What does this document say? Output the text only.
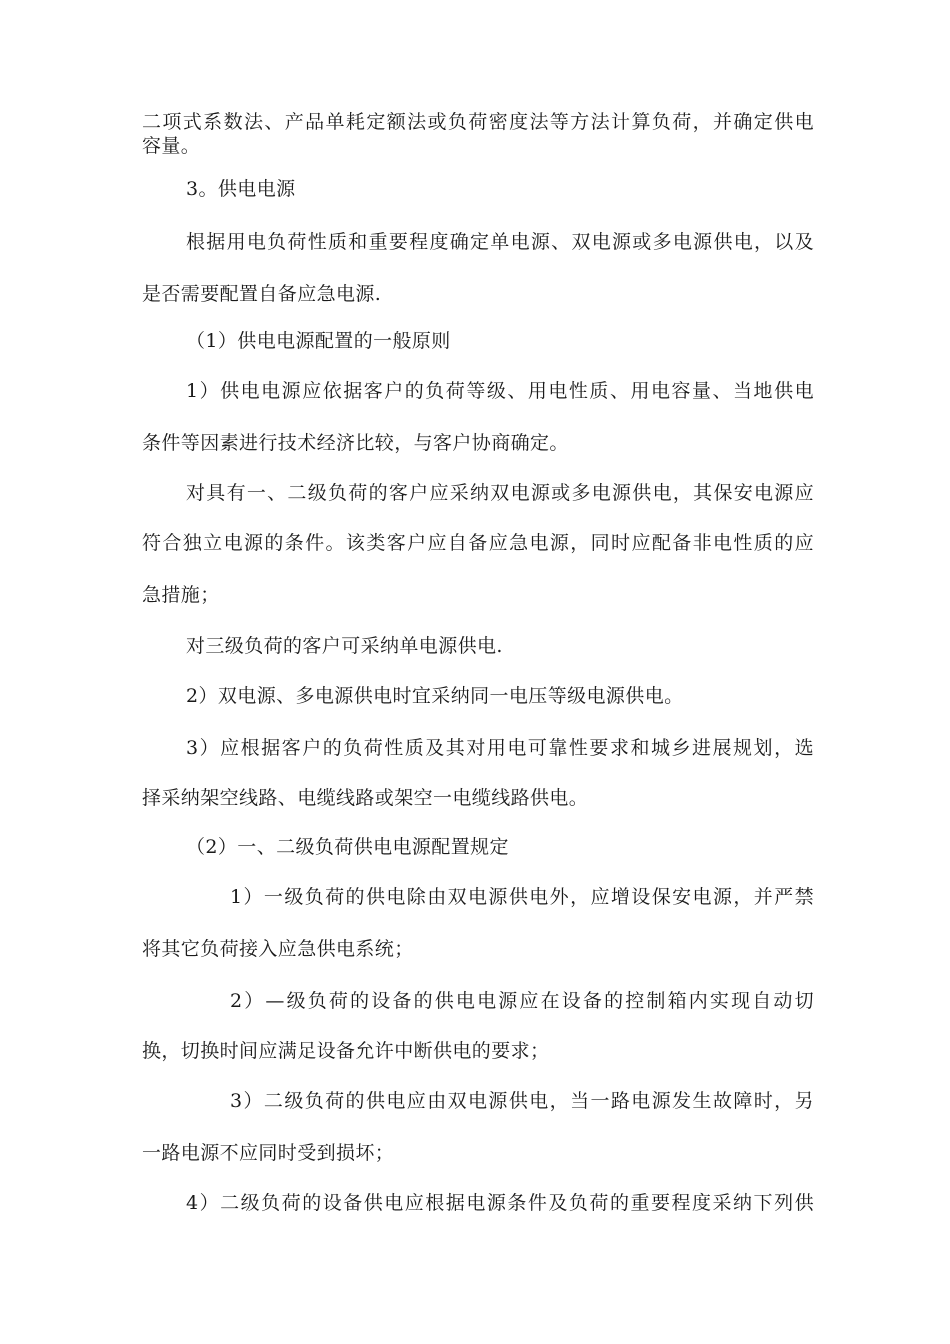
二项式系数法、产品单耗定额法或负荷密度法等方法计算负荷，并确定供电
容量。
3。供电电源
根据用电负荷性质和重要程度确定单电源、双电源或多电源供电，以及
是否需要配置自备应急电源.
（1）供电电源配置的一般原则
1）供电电源应依据客户的负荷等级、用电性质、用电容量、当地供电
条件等因素进行技术经济比较，与客户协商确定。
对具有一、二级负荷的客户应采纳双电源或多电源供电，其保安电源应
符合独立电源的条件。该类客户应自备应急电源，同时应配备非电性质的应
急措施；
对三级负荷的客户可采纳单电源供电.
2）双电源、多电源供电时宜采纳同一电压等级电源供电。
3）应根据客户的负荷性质及其对用电可靠性要求和城乡进展规划，选
择采纳架空线路、电缆线路或架空一电缆线路供电。
（2）一、二级负荷供电电源配置规定
1）一级负荷的供电除由双电源供电外，应增设保安电源，并严禁
将其它负荷接入应急供电系统；
2）—级负荷的设备的供电电源应在设备的控制箱内实现自动切
换，切换时间应满足设备允许中断供电的要求；
3）二级负荷的供电应由双电源供电，当一路电源发生故障时，另
一路电源不应同时受到损坏；
4）二级负荷的设备供电应根据电源条件及负荷的重要程度采纳下列供
